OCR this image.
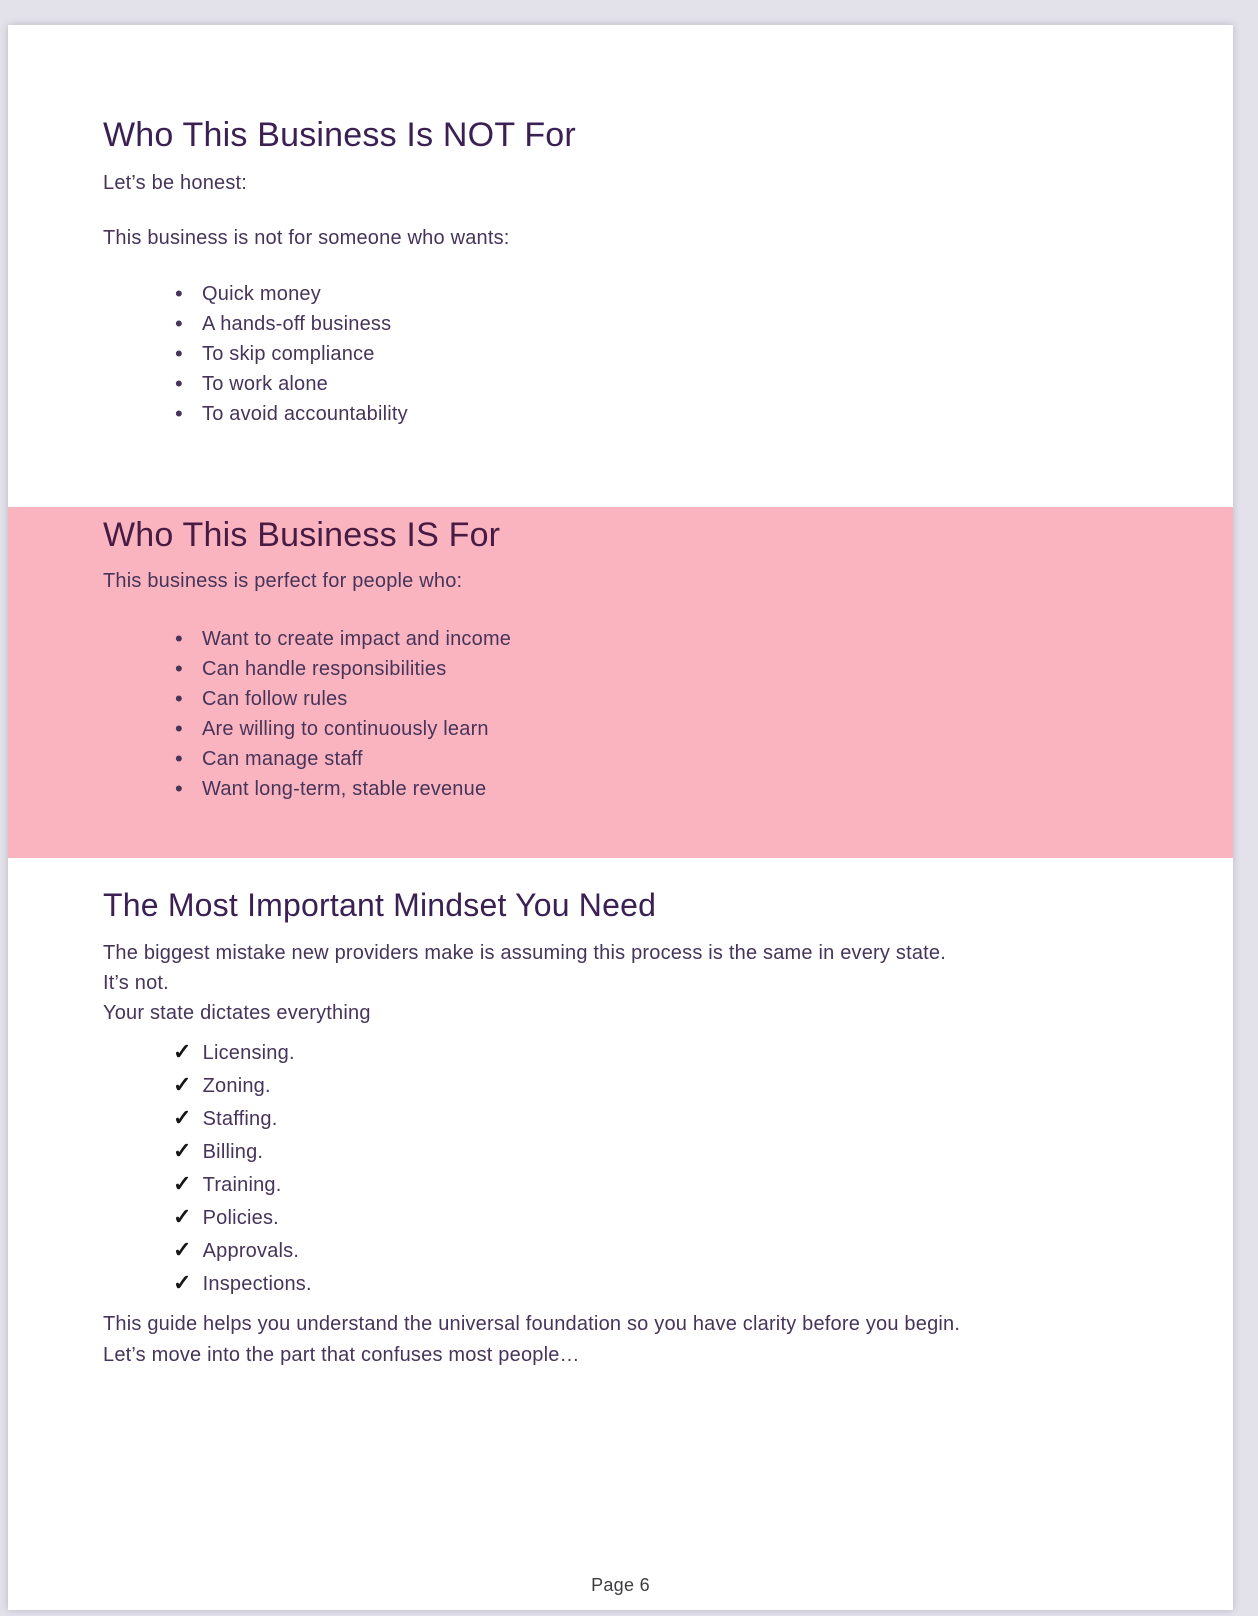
Who This Business Is NOT For
Let’s be honest:
This business is not for someone who wants:
• Quick money
• A hands-off business
• To skip compliance
• To work alone
• To avoid accountability
Who This Business IS For
This business is perfect for people who:
• Want to create impact and income
• Can handle responsibilities
• Can follow rules
• Are willing to continuously learn
• Can manage staff
• Want long-term, stable revenue
The Most Important Mindset You Need
The biggest mistake new providers make is assuming this process is the same in every state.
It’s not.
Your state dictates everything
✓ Licensing.
✓ Zoning.
✓ Staffing.
✓ Billing.
✓ Training.
✓ Policies.
✓ Approvals.
✓ Inspections.
This guide helps you understand the universal foundation so you have clarity before you begin.
Let’s move into the part that confuses most people…
Page 6
